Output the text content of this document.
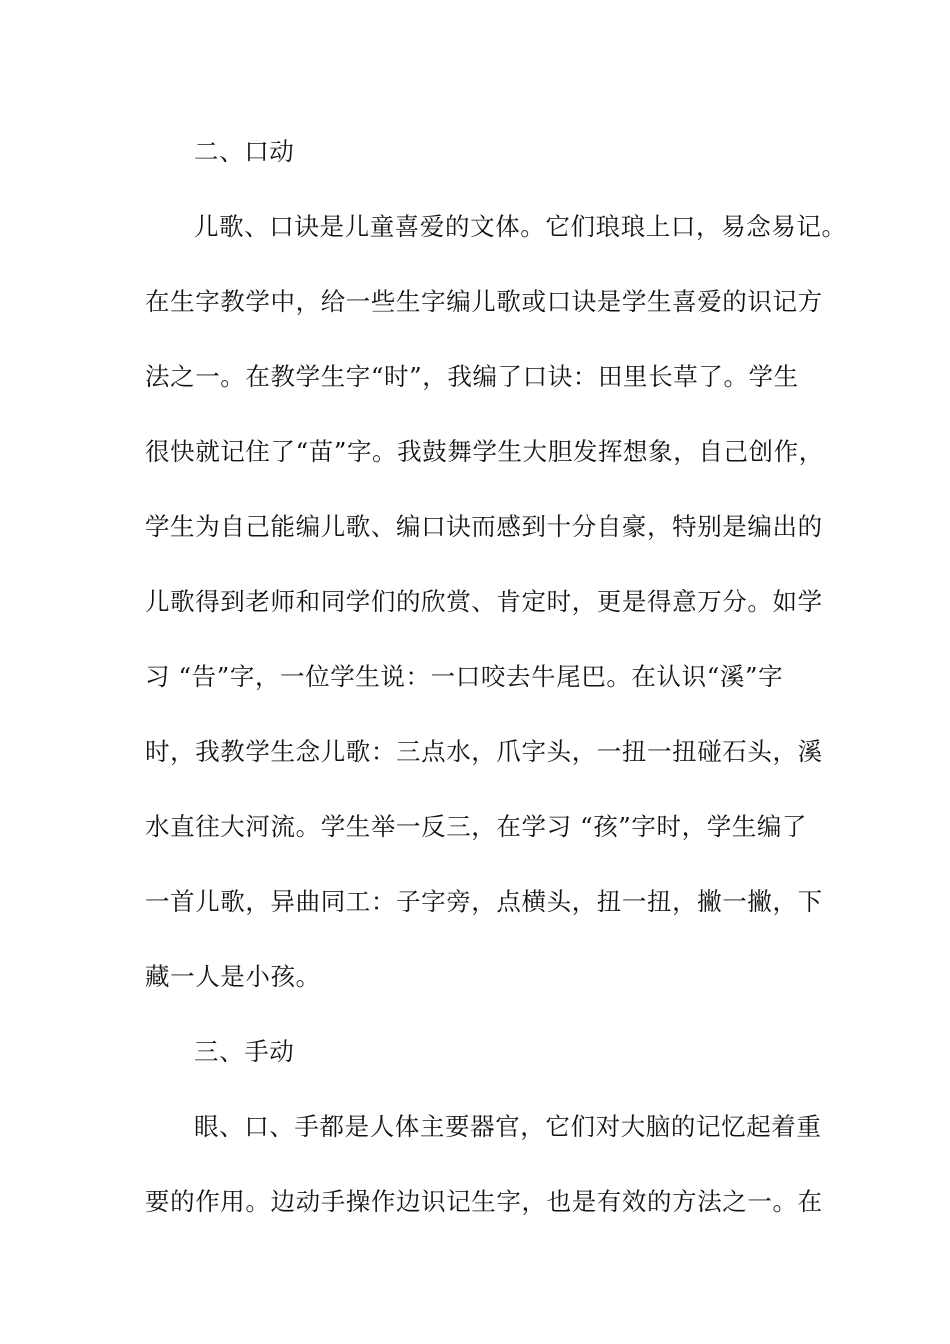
二、口动
儿歌、口诀是儿童喜爱的文体。它们琅琅上口，易念易记。
在生字教学中，给一些生字编儿歌或口诀是学生喜爱的识记方
法之一。在教学生字“时”，我编了口诀：田里长草了。学生
很快就记住了“苗”字。我鼓舞学生大胆发挥想象，自己创作，
学生为自己能编儿歌、编口诀而感到十分自豪，特别是编出的
儿歌得到老师和同学们的欣赏、肯定时，更是得意万分。如学
习 “告”字，一位学生说：一口咬去牛尾巴。在认识“溪”字
时，我教学生念儿歌：三点水，爪字头，一扭一扭碰石头，溪
水直往大河流。学生举一反三，在学习 “孩”字时，学生编了
一首儿歌，异曲同工：子字旁，点横头，扭一扭，撇一撇，下
藏一人是小孩。
三、手动
眼、口、手都是人体主要器官，它们对大脑的记忆起着重
要的作用。边动手操作边识记生字，也是有效的方法之一。在
